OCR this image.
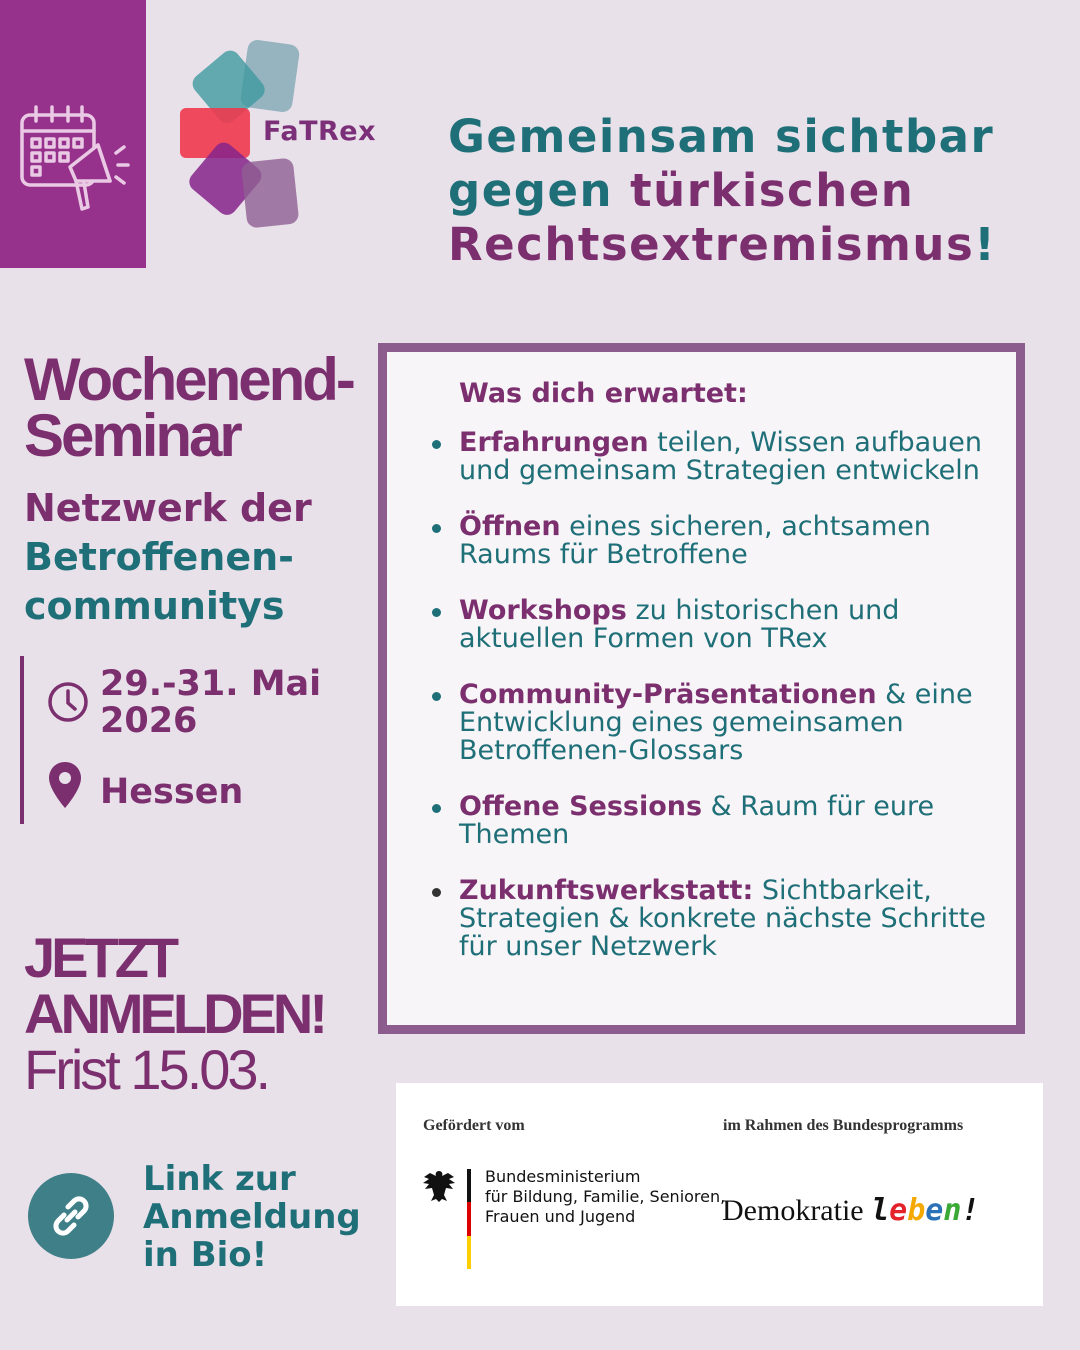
FaTRex Gemeinsam sichtbar
gegen türkischen
Rechtsextremismus!
Wochenend-
Seminar
Netzwerk der
Betroffenen-
communitys
29.-31. Mai
2026
Hessen
JETZT
ANMELDEN!
Frist 15.03.
Link zur
Anmeldung
in Bio!
Was dich erwartet:
Erfahrungen teilen, Wissen aufbauen und gemeinsam Strategien entwickeln
Öffnen eines sicheren, achtsamen Raums für Betroffene
Workshops zu historischen und aktuellen Formen von TRex
Community-Präsentationen & eine Entwicklung eines gemeinsamen Betroffenen-Glossars
Offene Sessions & Raum für eure Themen
Zukunftswerkstatt: Sichtbarkeit, Strategien & konkrete nächste Schritte für unser Netzwerk
Gefördert vom	im Rahmen des Bundesprogramms
Bundesministerium
für Bildung, Familie, Senioren,
Frauen und Jugend	Demokratie leben!
